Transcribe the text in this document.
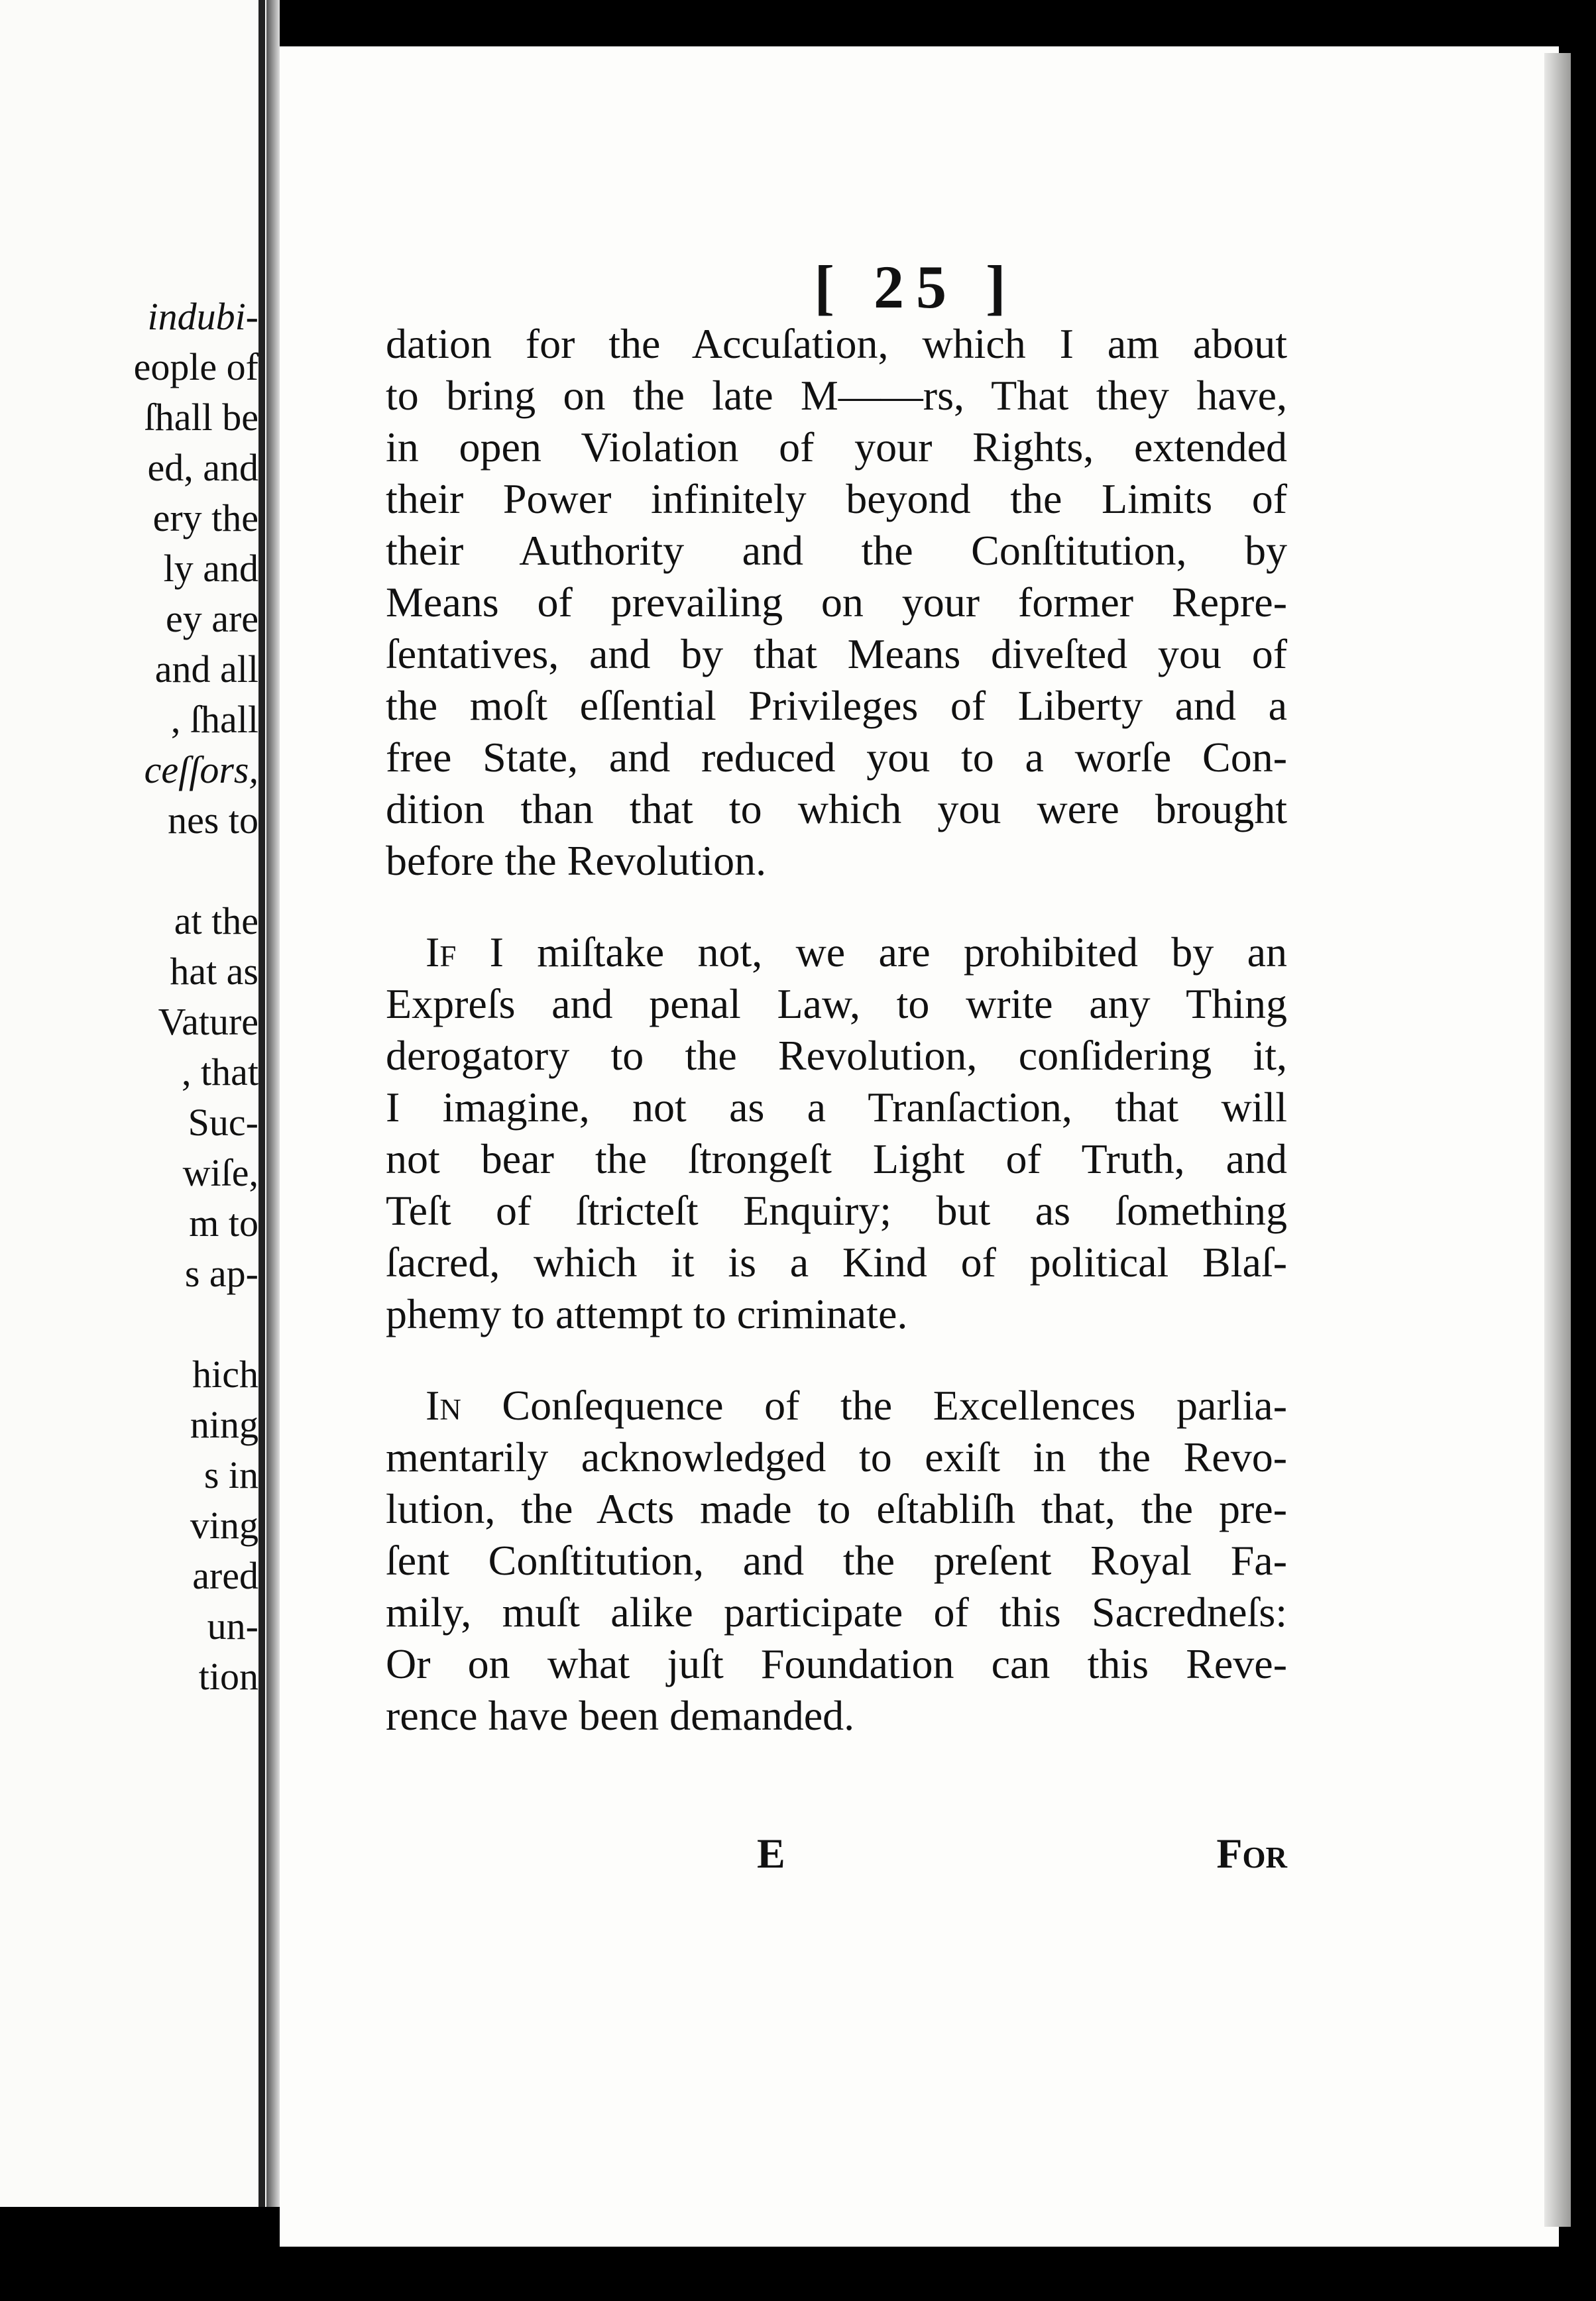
indubi-
eople of
ſhall be
ed, and
ery the
ly and
ey are
and all
, ſhall
ceſſors,
nes to
at the
hat as
Vature
, that
Suc-
wiſe,
m to
s ap-
hich
ning
s in
ving
ared
un-
tion
[ 25 ]
dation for the Accuſation, which I am about
to bring on the late M——rs, That they have,
in open Violation of your Rights, extended
their Power infinitely beyond the Limits of
their Authority and the Conſtitution, by
Means of prevailing on your former Repre-
ſentatives, and by that Means diveſted you of
the moſt eſſential Privileges of Liberty and a
free State, and reduced you to a worſe Con-
dition than that to which you were brought
before the Revolution.
If I miſtake not, we are prohibited by an
Expreſs and penal Law, to write any Thing
derogatory to the Revolution, conſidering it,
I imagine, not as a Tranſaction, that will
not bear the ſtrongeſt Light of Truth, and
Teſt of ſtricteſt Enquiry; but as ſomething
ſacred, which it is a Kind of political Blaſ-
phemy to attempt to criminate.
In Conſequence of the Excellences parlia-
mentarily acknowledged to exiſt in the Revo-
lution, the Acts made to eſtabliſh that, the pre-
ſent Conſtitution, and the preſent Royal Fa-
mily, muſt alike participate of this Sacredneſs:
Or on what juſt Foundation can this Reve-
rence have been demanded.
E	For
